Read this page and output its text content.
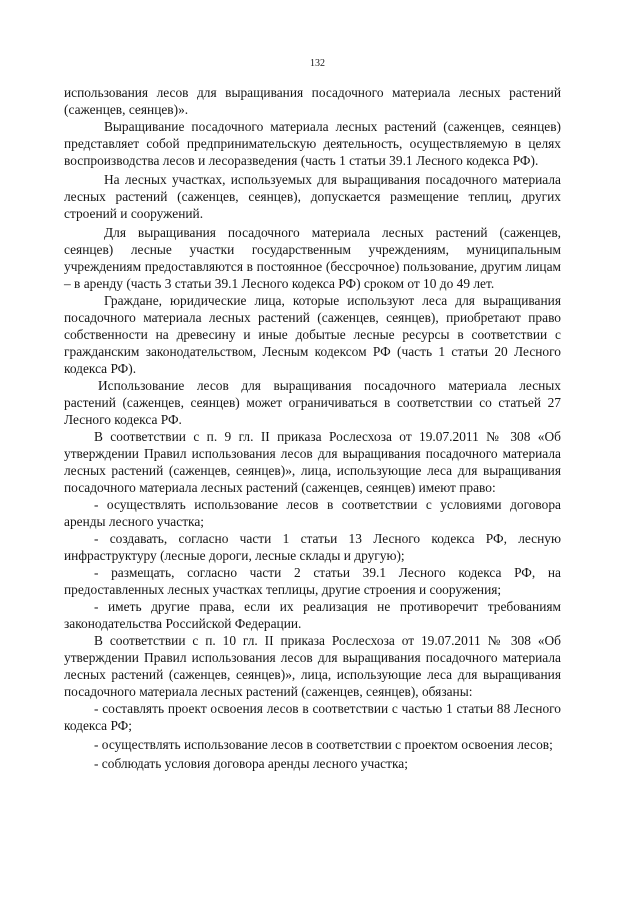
132

использования лесов для выращивания посадочного материала лесных растений (саженцев, сеянцев)».

Выращивание посадочного материала лесных растений (саженцев, сеянцев) представляет собой предпринимательскую деятельность, осуществляемую в целях воспроизводства лесов и лесоразведения (часть 1 статьи 39.1 Лесного кодекса РФ).

На лесных участках, используемых для выращивания посадочного материала лесных растений (саженцев, сеянцев), допускается размещение теплиц, других строений и сооружений.

Для выращивания посадочного материала лесных растений (саженцев, сеянцев) лесные участки государственным учреждениям, муниципальным учреждениям предоставляются в постоянное (бессрочное) пользование, другим лицам – в аренду (часть 3 статьи 39.1 Лесного кодекса РФ) сроком от 10 до 49 лет.

Граждане, юридические лица, которые используют леса для выращивания посадочного материала лесных растений (саженцев, сеянцев), приобретают право собственности на древесину и иные добытые лесные ресурсы в соответствии с гражданским законодательством, Лесным кодексом РФ (часть 1 статьи 20 Лесного кодекса РФ).

Использование лесов для выращивания посадочного материала лесных растений (саженцев, сеянцев) может ограничиваться в соответствии со статьей 27 Лесного кодекса РФ.

В соответствии с п. 9 гл. II приказа Рослесхоза от 19.07.2011 № 308 «Об утверждении Правил использования лесов для выращивания посадочного материала лесных растений (саженцев, сеянцев)», лица, использующие леса для выращивания посадочного материала лесных растений (саженцев, сеянцев) имеют право:

- осуществлять использование лесов в соответствии с условиями договора аренды лесного участка;

- создавать, согласно части 1 статьи 13 Лесного кодекса РФ, лесную инфраструктуру (лесные дороги, лесные склады и другую);

- размещать, согласно части 2 статьи 39.1 Лесного кодекса РФ, на предоставленных лесных участках теплицы, другие строения и сооружения;

- иметь другие права, если их реализация не противоречит требованиям законодательства Российской Федерации.

В соответствии с п. 10 гл. II приказа Рослесхоза от 19.07.2011 № 308 «Об утверждении Правил использования лесов для выращивания посадочного материала лесных растений (саженцев, сеянцев)», лица, использующие леса для выращивания посадочного материала лесных растений (саженцев, сеянцев), обязаны:

- составлять проект освоения лесов в соответствии с частью 1 статьи 88 Лесного кодекса РФ;

- осуществлять использование лесов в соответствии с проектом освоения лесов;

- соблюдать условия договора аренды лесного участка;
